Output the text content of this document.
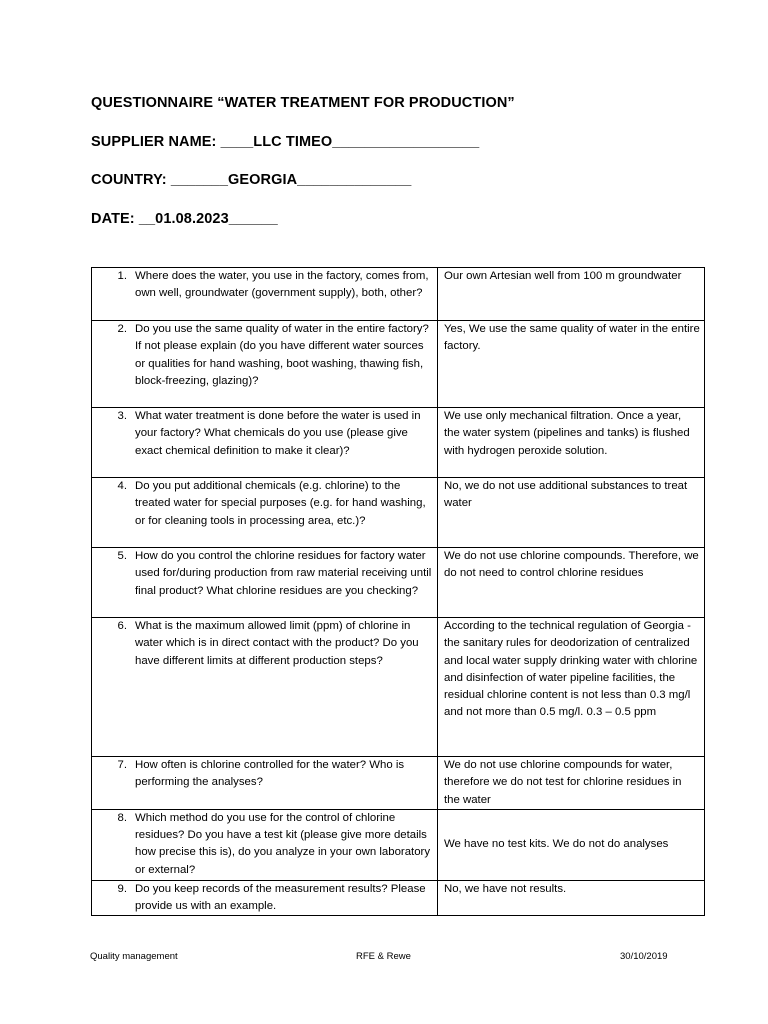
QUESTIONNAIRE “WATER TREATMENT FOR PRODUCTION”
SUPPLIER NAME: ____LLC TIMEO__________________
COUNTRY: _______GEORGIA______________
DATE: __01.08.2023______
1. Where does the water, you use in the factory, comes from, own well, groundwater (government supply), both, other?	Our own Artesian well from 100 m groundwater

2. Do you use the same quality of water in the entire factory? If not please explain (do you have different water sources or qualities for hand washing, boot washing, thawing fish, block-freezing, glazing)?	Yes, We use the same quality of water in the entire factory.

3. What water treatment is done before the water is used in your factory? What chemicals do you use (please give exact chemical definition to make it clear)?	We use only mechanical filtration. Once a year, the water system (pipelines and tanks) is flushed with hydrogen peroxide solution.

4. Do you put additional chemicals (e.g. chlorine) to the treated water for special purposes (e.g. for hand washing, or for cleaning tools in processing area, etc.)?	No, we do not use additional substances to treat water

5. How do you control the chlorine residues for factory water used for/during production from raw material receiving until final product? What chlorine residues are you checking?	We do not use chlorine compounds. Therefore, we do not need to control chlorine residues

6. What is the maximum allowed limit (ppm) of chlorine in water which is in direct contact with the product? Do you have different limits at different production steps?	According to the technical regulation of Georgia - the sanitary rules for deodorization of centralized and local water supply drinking water with chlorine and disinfection of water pipeline facilities, the residual chlorine content is not less than 0.3 mg/l and not more than 0.5 mg/l. 0.3 – 0.5 ppm

7. How often is chlorine controlled for the water? Who is performing the analyses?	We do not use chlorine compounds for water, therefore we do not test for chlorine residues in the water

8. Which method do you use for the control of chlorine residues? Do you have a test kit (please give more details how precise this is), do you analyze in your own laboratory or external?	We have no test kits. We do not do analyses

9. Do you keep records of the measurement results? Please provide us with an example.	No, we have not results.
Quality management	RFE & Rewe	30/10/2019
